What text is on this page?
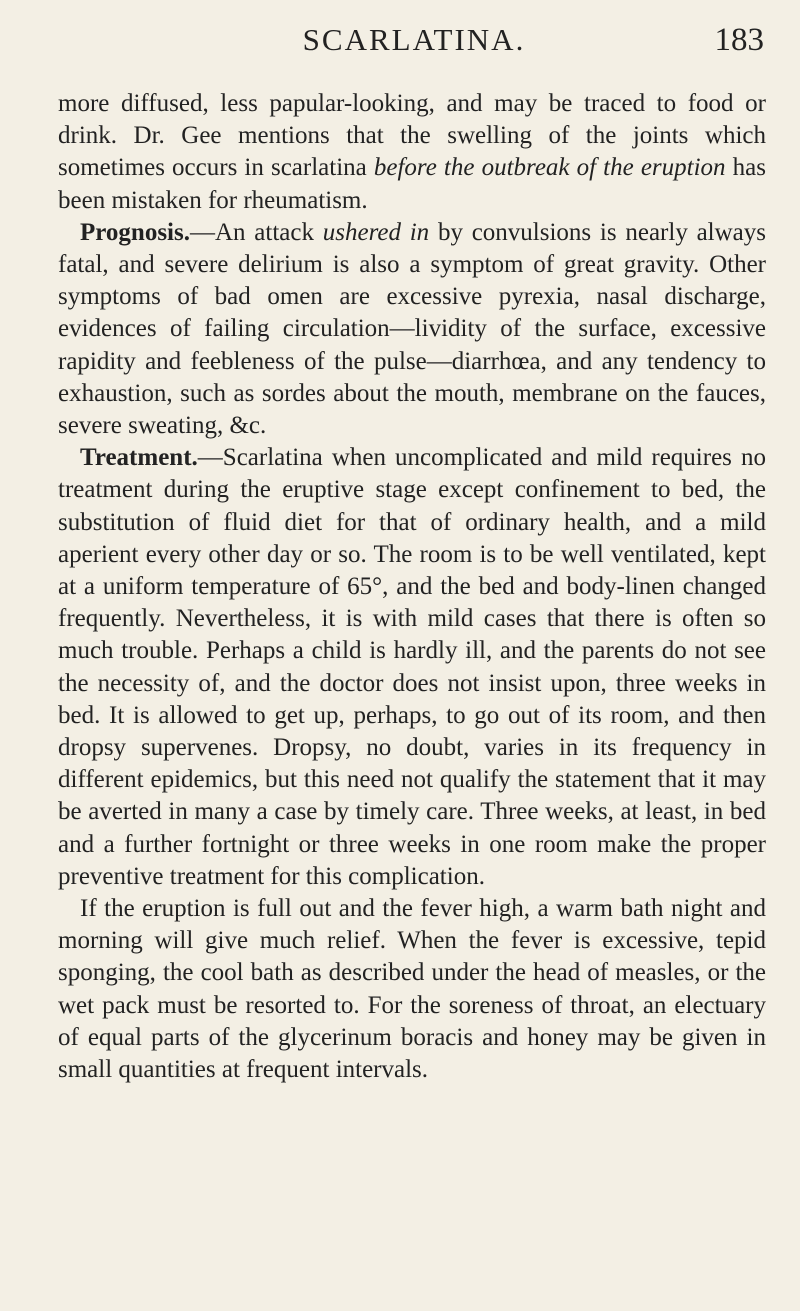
SCARLATINA.	183

more diffused, less papular-looking, and may be traced to food or drink. Dr. Gee mentions that the swelling of the joints which sometimes occurs in scarlatina before the outbreak of the eruption has been mistaken for rheumatism.

Prognosis.—An attack ushered in by convulsions is nearly always fatal, and severe delirium is also a symptom of great gravity. Other symptoms of bad omen are excessive pyrexia, nasal discharge, evidences of failing circulation—lividity of the surface, excessive rapidity and feebleness of the pulse—diarrhœa, and any tendency to exhaustion, such as sordes about the mouth, membrane on the fauces, severe sweating, &c.

Treatment.—Scarlatina when uncomplicated and mild requires no treatment during the eruptive stage except confinement to bed, the substitution of fluid diet for that of ordinary health, and a mild aperient every other day or so. The room is to be well ventilated, kept at a uniform temperature of 65°, and the bed and body-linen changed frequently. Nevertheless, it is with mild cases that there is often so much trouble. Perhaps a child is hardly ill, and the parents do not see the necessity of, and the doctor does not insist upon, three weeks in bed. It is allowed to get up, perhaps, to go out of its room, and then dropsy supervenes. Dropsy, no doubt, varies in its frequency in different epidemics, but this need not qualify the statement that it may be averted in many a case by timely care. Three weeks, at least, in bed and a further fortnight or three weeks in one room make the proper preventive treatment for this complication.

If the eruption is full out and the fever high, a warm bath night and morning will give much relief. When the fever is excessive, tepid sponging, the cool bath as described under the head of measles, or the wet pack must be resorted to. For the soreness of throat, an electuary of equal parts of the glycerinum boracis and honey may be given in small quantities at frequent intervals.
